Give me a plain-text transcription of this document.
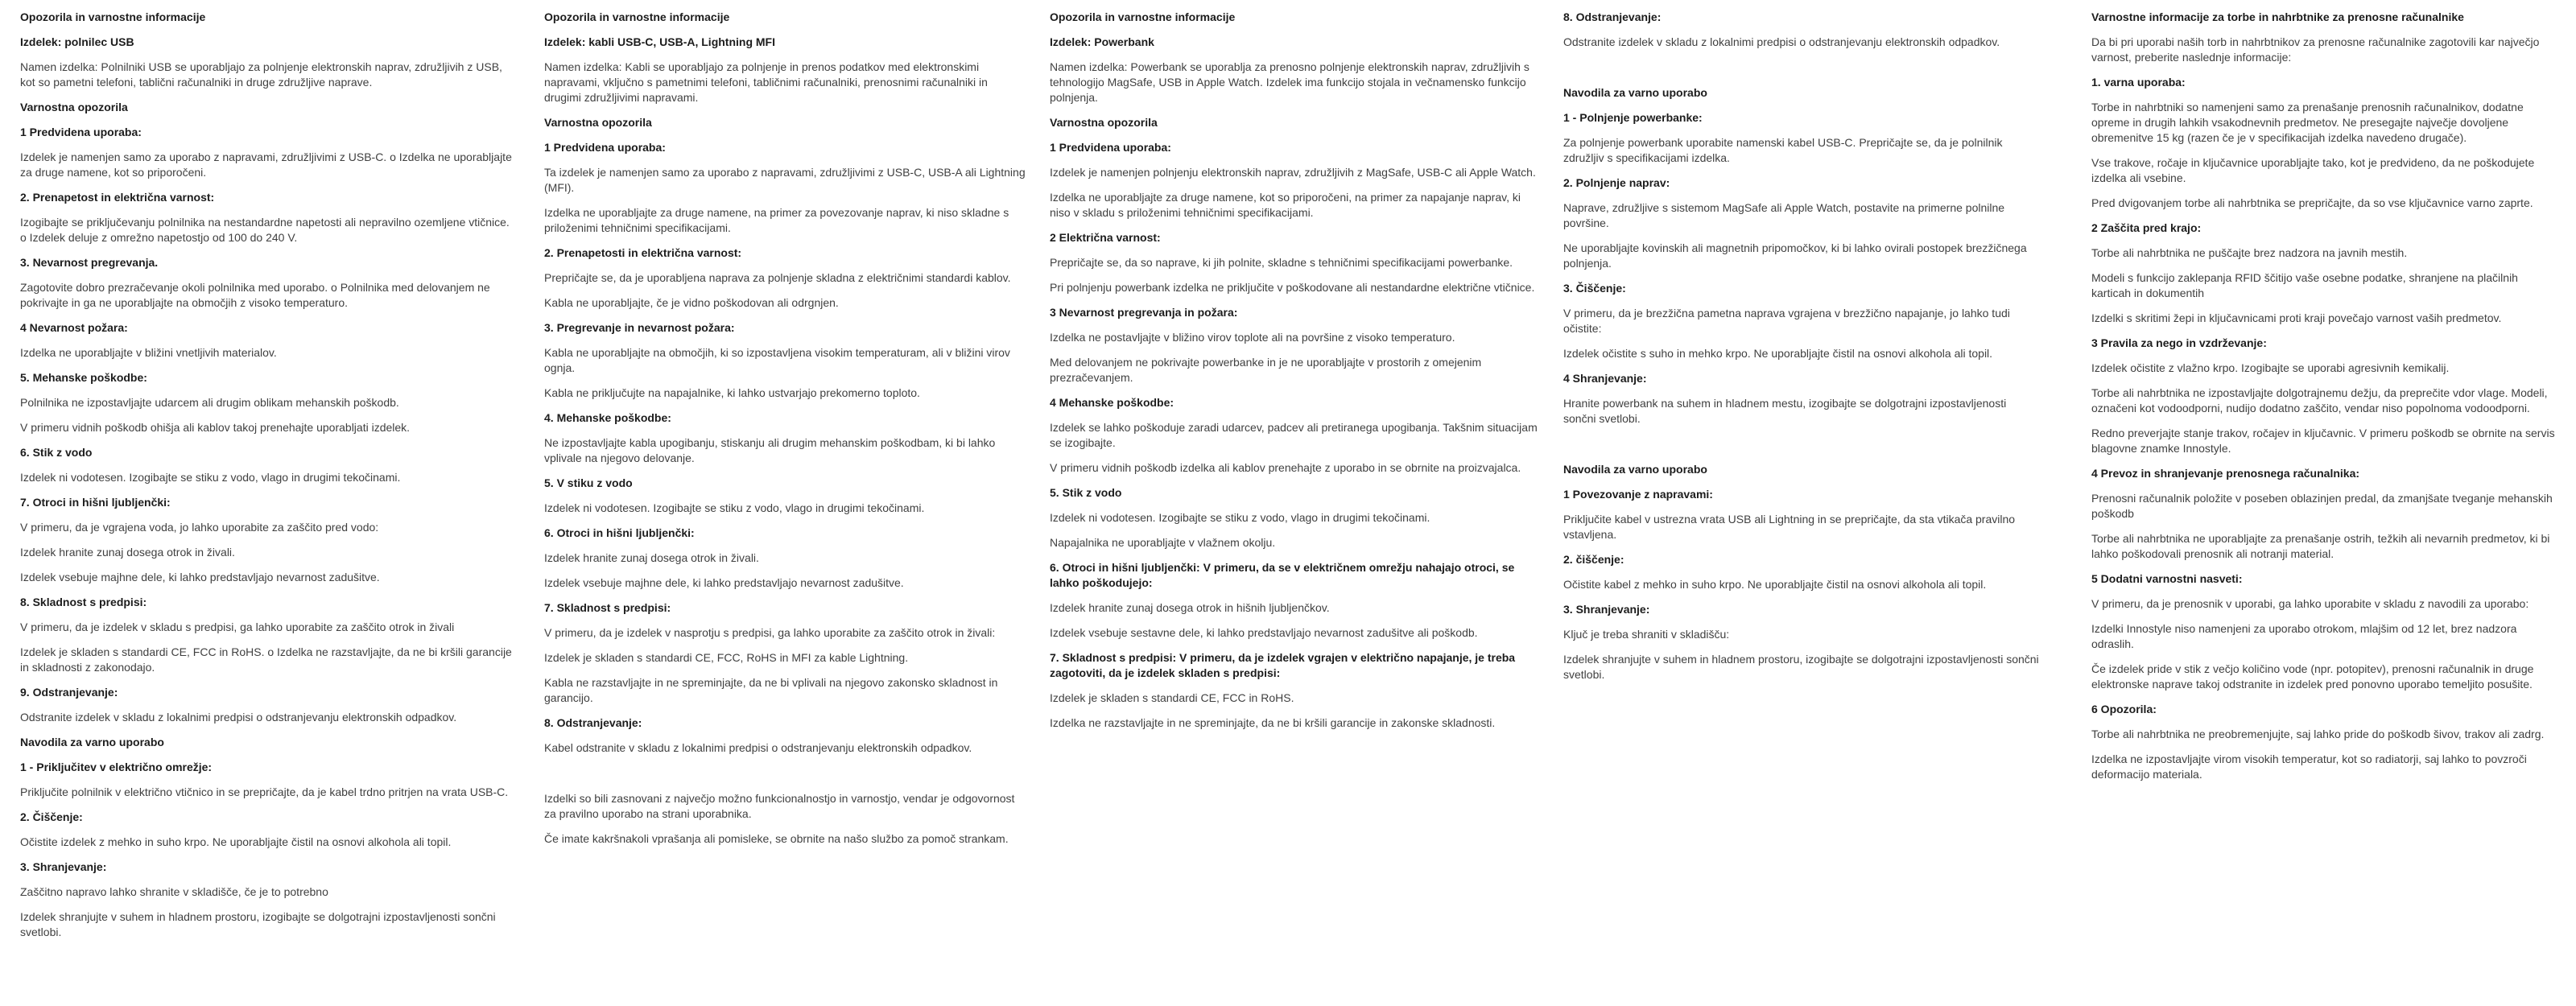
Opozorila in varnostne informacije
Izdelek: polnilec USB
Namen izdelka: Polnilniki USB se uporabljajo za polnjenje elektronskih naprav, združljivih z USB, kot so pametni telefoni, tablični računalniki in druge združljive naprave.
Varnostna opozorila
1 Predvidena uporaba:
Izdelek je namenjen samo za uporabo z napravami, združljivimi z USB-C. o Izdelka ne uporabljajte za druge namene, kot so priporočeni.
2. Prenapetost in električna varnost:
Izogibajte se priključevanju polnilnika na nestandardne napetosti ali nepravilno ozemljene vtičnice. o Izdelek deluje z omrežno napetostjo od 100 do 240 V.
3. Nevarnost pregrevanja.
Zagotovite dobro prezračevanje okoli polnilnika med uporabo. o Polnilnika med delovanjem ne pokrivajte in ga ne uporabljajte na območjih z visoko temperaturo.
4 Nevarnost požara:
Izdelka ne uporabljajte v bližini vnetljivih materialov.
5. Mehanske poškodbe:
Polnilnika ne izpostavljajte udarcem ali drugim oblikam mehanskih poškodb.
V primeru vidnih poškodb ohišja ali kablov takoj prenehajte uporabljati izdelek.
6. Stik z vodo
Izdelek ni vodotesen. Izogibajte se stiku z vodo, vlago in drugimi tekočinami.
7. Otroci in hišni ljubljenčki:
V primeru, da je vgrajena voda, jo lahko uporabite za zaščito pred vodo:
Izdelek hranite zunaj dosega otrok in živali.
Izdelek vsebuje majhne dele, ki lahko predstavljajo nevarnost zadušitve.
8. Skladnost s predpisi:
V primeru, da je izdelek v skladu s predpisi, ga lahko uporabite za zaščito otrok in živali
Izdelek je skladen s standardi CE, FCC in RoHS. o Izdelka ne razstavljajte, da ne bi kršili garancije in skladnosti z zakonodajo.
9. Odstranjevanje:
Odstranite izdelek v skladu z lokalnimi predpisi o odstranjevanju elektronskih odpadkov.
Navodila za varno uporabo
1 - Priključitev v električno omrežje:
Priključite polnilnik v električno vtičnico in se prepričajte, da je kabel trdno pritrjen na vrata USB-C.
2. Čiščenje:
Očistite izdelek z mehko in suho krpo. Ne uporabljajte čistil na osnovi alkohola ali topil.
3. Shranjevanje:
Zaščitno napravo lahko shranite v skladišče, če je to potrebno
Izdelek shranjujte v suhem in hladnem prostoru, izogibajte se dolgotrajni izpostavljenosti sončni svetlobi.
Opozorila in varnostne informacije
Izdelek: kabli USB-C, USB-A, Lightning MFI
Namen izdelka: Kabli se uporabljajo za polnjenje in prenos podatkov med elektronskimi napravami, vključno s pametnimi telefoni, tabličnimi računalniki, prenosnimi računalniki in drugimi združljivimi napravami.
Varnostna opozorila
1 Predvidena uporaba:
Ta izdelek je namenjen samo za uporabo z napravami, združljivimi z USB-C, USB-A ali Lightning (MFI).
Izdelka ne uporabljajte za druge namene, na primer za povezovanje naprav, ki niso skladne s priloženimi tehničnimi specifikacijami.
2. Prenapetosti in električna varnost:
Prepričajte se, da je uporabljena naprava za polnjenje skladna z električnimi standardi kablov.
Kabla ne uporabljajte, če je vidno poškodovan ali odrgnjen.
3. Pregrevanje in nevarnost požara:
Kabla ne uporabljajte na območjih, ki so izpostavljena visokim temperaturam, ali v bližini virov ognja.
Kabla ne priključujte na napajalnike, ki lahko ustvarjajo prekomerno toploto.
4. Mehanske poškodbe:
Ne izpostavljajte kabla upogibanju, stiskanju ali drugim mehanskim poškodbam, ki bi lahko vplivale na njegovo delovanje.
5. V stiku z vodo
Izdelek ni vodotesen. Izogibajte se stiku z vodo, vlago in drugimi tekočinami.
6. Otroci in hišni ljubljenčki:
Izdelek hranite zunaj dosega otrok in živali.
Izdelek vsebuje majhne dele, ki lahko predstavljajo nevarnost zadušitve.
7. Skladnost s predpisi:
V primeru, da je izdelek v nasprotju s predpisi, ga lahko uporabite za zaščito otrok in živali:
Izdelek je skladen s standardi CE, FCC, RoHS in MFI za kable Lightning.
Kabla ne razstavljajte in ne spreminjajte, da ne bi vplivali na njegovo zakonsko skladnost in garancijo.
8. Odstranjevanje:
Kabel odstranite v skladu z lokalnimi predpisi o odstranjevanju elektronskih odpadkov.
Izdelki so bili zasnovani z največjo možno funkcionalnostjo in varnostjo, vendar je odgovornost za pravilno uporabo na strani uporabnika.
Če imate kakršnakoli vprašanja ali pomisleke, se obrnite na našo službo za pomoč strankam.
Opozorila in varnostne informacije
Izdelek: Powerbank
Namen izdelka: Powerbank se uporablja za prenosno polnjenje elektronskih naprav, združljivih s tehnologijo MagSafe, USB in Apple Watch. Izdelek ima funkcijo stojala in večnamensko funkcijo polnjenja.
Varnostna opozorila
1 Predvidena uporaba:
Izdelek je namenjen polnjenju elektronskih naprav, združljivih z MagSafe, USB-C ali Apple Watch.
Izdelka ne uporabljajte za druge namene, kot so priporočeni, na primer za napajanje naprav, ki niso v skladu s priloženimi tehničnimi specifikacijami.
2 Električna varnost:
Prepričajte se, da so naprave, ki jih polnite, skladne s tehničnimi specifikacijami powerbanke.
Pri polnjenju powerbank izdelka ne priključite v poškodovane ali nestandardne električne vtičnice.
3 Nevarnost pregrevanja in požara:
Izdelka ne postavljajte v bližino virov toplote ali na površine z visoko temperaturo.
Med delovanjem ne pokrivajte powerbanke in je ne uporabljajte v prostorih z omejenim prezračevanjem.
4 Mehanske poškodbe:
Izdelek se lahko poškoduje zaradi udarcev, padcev ali pretiranega upogibanja. Takšnim situacijam se izogibajte.
V primeru vidnih poškodb izdelka ali kablov prenehajte z uporabo in se obrnite na proizvajalca.
5. Stik z vodo
Izdelek ni vodotesen. Izogibajte se stiku z vodo, vlago in drugimi tekočinami.
Napajalnika ne uporabljajte v vlažnem okolju.
6. Otroci in hišni ljubljenčki: V primeru, da se v električnem omrežju nahajajo otroci, se lahko poškodujejo:
Izdelek hranite zunaj dosega otrok in hišnih ljubljenčkov.
Izdelek vsebuje sestavne dele, ki lahko predstavljajo nevarnost zadušitve ali poškodb.
7. Skladnost s predpisi: V primeru, da je izdelek vgrajen v električno napajanje, je treba zagotoviti, da je izdelek skladen s predpisi:
Izdelek je skladen s standardi CE, FCC in RoHS.
Izdelka ne razstavljajte in ne spreminjajte, da ne bi kršili garancije in zakonske skladnosti.
8. Odstranjevanje:
Odstranite izdelek v skladu z lokalnimi predpisi o odstranjevanju elektronskih odpadkov.
Navodila za varno uporabo
1 - Polnjenje powerbanke:
Za polnjenje powerbank uporabite namenski kabel USB-C. Prepričajte se, da je polnilnik združljiv s specifikacijami izdelka.
2. Polnjenje naprav:
Naprave, združljive s sistemom MagSafe ali Apple Watch, postavite na primerne polnilne površine.
Ne uporabljajte kovinskih ali magnetnih pripomočkov, ki bi lahko ovirali postopek brezžičnega polnjenja.
3. Čiščenje:
V primeru, da je brezžična pametna naprava vgrajena v brezžično napajanje, jo lahko tudi očistite:
Izdelek očistite s suho in mehko krpo. Ne uporabljajte čistil na osnovi alkohola ali topil.
4 Shranjevanje:
Hranite powerbank na suhem in hladnem mestu, izogibajte se dolgotrajni izpostavljenosti sončni svetlobi.
Navodila za varno uporabo
1 Povezovanje z napravami:
Priključite kabel v ustrezna vrata USB ali Lightning in se prepričajte, da sta vtikača pravilno vstavljena.
2. čiščenje:
Očistite kabel z mehko in suho krpo. Ne uporabljajte čistil na osnovi alkohola ali topil.
3. Shranjevanje:
Ključ je treba shraniti v skladišču:
Izdelek shranjujte v suhem in hladnem prostoru, izogibajte se dolgotrajni izpostavljenosti sončni svetlobi.
Varnostne informacije za torbe in nahrbtnike za prenosne računalnike
Da bi pri uporabi naših torb in nahrbtnikov za prenosne računalnike zagotovili kar največjo varnost, preberite naslednje informacije:
1. varna uporaba:
Torbe in nahrbtniki so namenjeni samo za prenašanje prenosnih računalnikov, dodatne opreme in drugih lahkih vsakodnevnih predmetov. Ne presegajte največje dovoljene obremenitve 15 kg (razen če je v specifikacijah izdelka navedeno drugače).
Vse trakove, ročaje in ključavnice uporabljajte tako, kot je predvideno, da ne poškodujete izdelka ali vsebine.
Pred dvigovanjem torbe ali nahrbtnika se prepričajte, da so vse ključavnice varno zaprte.
2 Zaščita pred krajo:
Torbe ali nahrbtnika ne puščajte brez nadzora na javnih mestih.
Modeli s funkcijo zaklepanja RFID ščitijo vaše osebne podatke, shranjene na plačilnih karticah in dokumentih
Izdelki s skritimi žepi in ključavnicami proti kraji povečajo varnost vaših predmetov.
3 Pravila za nego in vzdrževanje:
Izdelek očistite z vlažno krpo. Izogibajte se uporabi agresivnih kemikalij.
Torbe ali nahrbtnika ne izpostavljajte dolgotrajnemu dežju, da preprečite vdor vlage. Modeli, označeni kot vodoodporni, nudijo dodatno zaščito, vendar niso popolnoma vodoodporni.
Redno preverjajte stanje trakov, ročajev in ključavnic. V primeru poškodb se obrnite na servis blagovne znamke Innostyle.
4 Prevoz in shranjevanje prenosnega računalnika:
Prenosni računalnik položite v poseben oblazinjen predal, da zmanjšate tveganje mehanskih poškodb
Torbe ali nahrbtnika ne uporabljajte za prenašanje ostrih, težkih ali nevarnih predmetov, ki bi lahko poškodovali prenosnik ali notranji material.
5 Dodatni varnostni nasveti:
V primeru, da je prenosnik v uporabi, ga lahko uporabite v skladu z navodili za uporabo:
Izdelki Innostyle niso namenjeni za uporabo otrokom, mlajšim od 12 let, brez nadzora odraslih.
Če izdelek pride v stik z večjo količino vode (npr. potopitev), prenosni računalnik in druge elektronske naprave takoj odstranite in izdelek pred ponovno uporabo temeljito posušite.
6 Opozorila:
Torbe ali nahrbtnika ne preobremenjujte, saj lahko pride do poškodb šivov, trakov ali zadrg.
Izdelka ne izpostavljajte virom visokih temperatur, kot so radiatorji, saj lahko to povzroči deformacijo materiala.
